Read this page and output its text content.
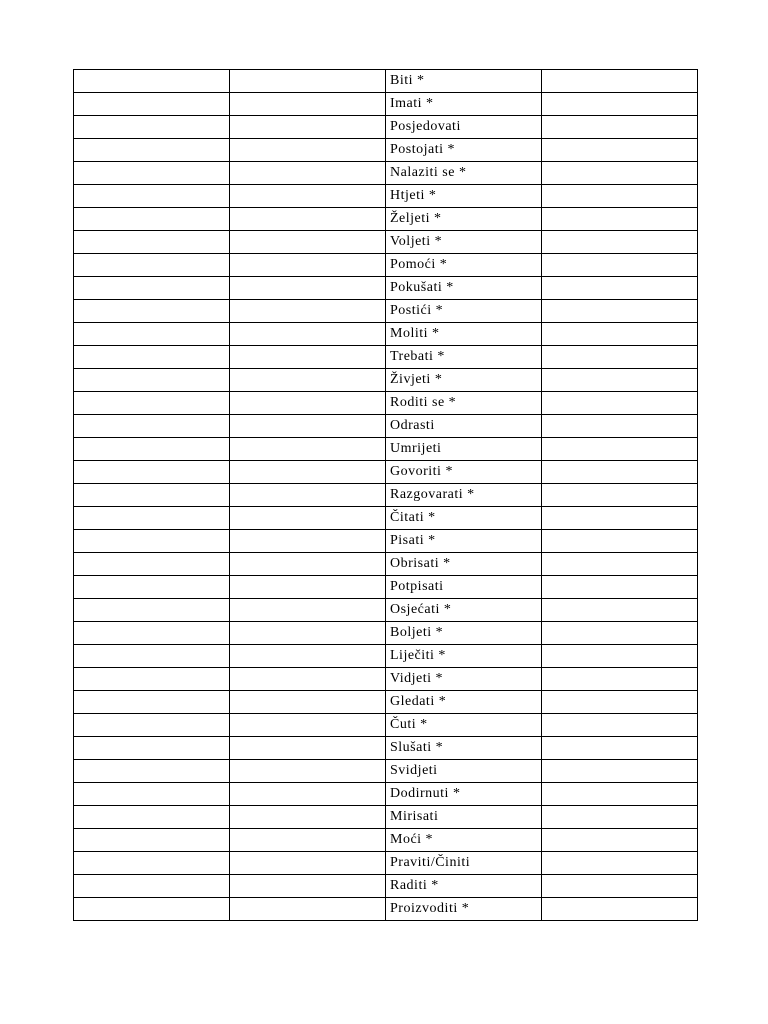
		Biti *	
		Imati *	
		Posjedovati	
		Postojati *	
		Nalaziti se *	
		Htjeti *	
		Željeti *	
		Voljeti *	
		Pomoći *	
		Pokušati *	
		Postići *	
		Moliti *	
		Trebati *	
		Živjeti *	
		Roditi se *	
		Odrasti	
		Umrijeti	
		Govoriti *	
		Razgovarati *	
		Čitati *	
		Pisati *	
		Obrisati *	
		Potpisati	
		Osjećati *	
		Boljeti *	
		Liječiti *	
		Vidjeti *	
		Gledati *	
		Čuti *	
		Slušati *	
		Svidjeti	
		Dodirnuti *	
		Mirisati	
		Moći *	
		Praviti/Činiti	
		Raditi *	
		Proizvoditi *	
